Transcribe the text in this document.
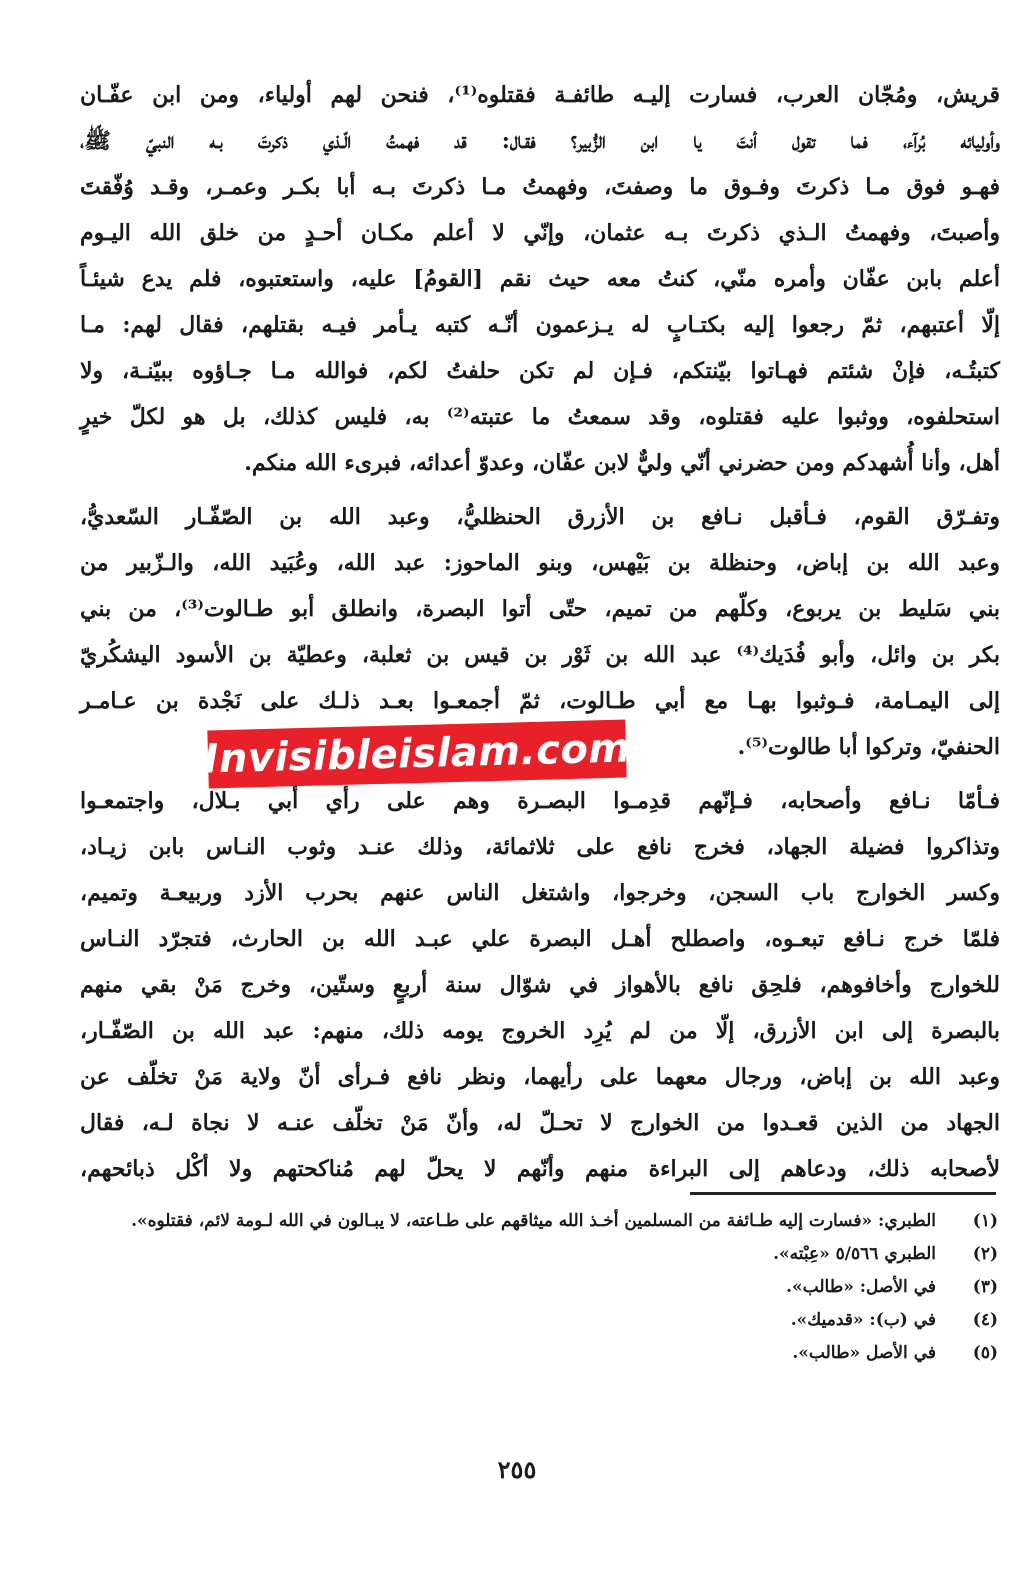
قريش، ومُجّان العرب، فسارت إليـه طائفـة فقتلوه⁽¹⁾، فنحن لهم أولياء، ومن ابن عفّـان
وأوليائه بُرآء، فما تقول أنتَ يا ابن الزُّبير؟ فقـال: قد فهمتُ الّـذي ذكرتَ بـه النبيّ ﷺ،
فهـو فوق مـا ذكرتَ وفـوق ما وصفتَ، وفهمتُ مـا ذكرتَ بـه أبا بكـر وعمـر، وقـد وُفّقتَ
وأصبتَ، وفهمتُ الـذي ذكرتَ بـه عثمان، وإنّي لا أعلم مكـان أحـدٍ من خلق الله اليـوم
أعلم بابن عفّان وأمره منّي، كنتُ معه حيث نقم [القومُ] عليه، واستعتبوه، فلم يدع شيئـاً
إلّا أعتبهم، ثمّ رجعوا إليه بكتـابٍ له يـزعمون أنّـه كتبه يـأمر فيـه بقتلهم، فقال لهم: مـا
كتبتُـه، فإنْ شئتم فهـاتوا بيّنتكم، فـإن لم تكن حلفتُ لكم، فوالله مـا جـاؤوه ببيّنـة، ولا
استحلفوه، ووثبوا عليه فقتلوه، وقد سمعتُ ما عتبته⁽²⁾ به، فليس كذلك، بل هو لكلّ خيرٍ
أهل، وأنا أُشهدكم ومن حضرني أنّي وليٌّ لابن عفّان، وعدوّ أعدائه، فبرىء الله منكم.
وتفـرّق القوم، فـأقبل نـافع بن الأزرق الحنظليُّ، وعبد الله بن الصّفّـار السّعديُّ،
وعبد الله بن إباض، وحنظلة بن بَيْهس، وبنو الماحوز: عبد الله، وعُبَيد الله، والـزّبير من
بني سَليط بن يربوع، وكلّهم من تميم، حتّى أتوا البصرة، وانطلق أبو طـالوت⁽³⁾، من بني
بكر بن وائل، وأبو فُدَيك⁽⁴⁾ عبد الله بن ثَوْر بن قيس بن ثعلبة، وعطيّة بن الأسود اليشكُريّ
إلى اليمـامة، فـوثبوا بهـا مع أبي طـالوت، ثمّ أجمعـوا بعـد ذلـك على نَجْدة بن عـامـر
الحنفيّ، وتركوا أبا طالوت⁽⁵⁾.
فـأمّا نـافع وأصحابه، فـإنّهم قدِمـوا البصـرة وهم على رأي أبي بـلال، واجتمعـوا
وتذاكروا فضيلة الجهاد، فخرج نافع على ثلاثمائة، وذلك عنـد وثوب النـاس بابن زيـاد،
وكسر الخوارج باب السجن، وخرجوا، واشتغل الناس عنهم بحرب الأزد وربيعـة وتميم،
فلمّا خرج نـافع تبعـوه، واصطلح أهـل البصرة علي عبـد الله بن الحارث، فتجرّد النـاس
للخوارج وأخافوهم، فلحِق نافع بالأهواز في شوّال سنة أربعٍ وستّين، وخرج مَنْ بقي منهم
بالبصرة إلى ابن الأزرق، إلّا من لم يُرِد الخروج يومه ذلك، منهم: عبد الله بن الصّفّـار،
وعبد الله بن إباض، ورجال معهما على رأيهما، ونظر نافع فـرأى أنّ ولاية مَنْ تخلّف عن
الجهاد من الذين قعـدوا من الخوارج لا تحـلّ له، وأنّ مَنْ تخلّف عنـه لا نجاة لـه، فقال
لأصحابه ذلك، ودعاهم إلى البراءة منهم وأنّهم لا يحلّ لهم مُناكحتهم ولا أكْل ذبائحهم،
Invisibleislam.com
(١)
الطبري: «فسارت إليه طـائفة من المسلمين أخـذ الله ميثاقهم على طـاعته، لا يبـالون في الله لـومة لائم، فقتلوه».
(٢)
الطبري ٥/٥٦٦ «عِبْته».
(٣)
في الأصل: «طالب».
(٤)
في (ب): «قدميك».
(٥)
في الأصل «طالب».
٢٥٥
